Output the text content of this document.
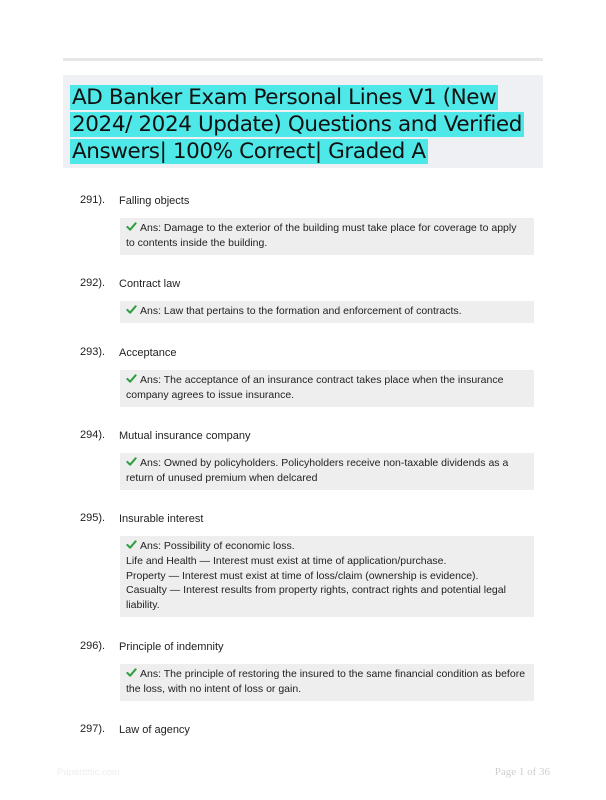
AD Banker Exam Personal Lines V1 (New 2024/ 2024 Update) Questions and Verified Answers| 100% Correct| Graded A
291). Falling objects
Ans: Damage to the exterior of the building must take place for coverage to apply
to contents inside the building.
292). Contract law
Ans: Law that pertains to the formation and enforcement of contracts.
293). Acceptance
Ans: The acceptance of an insurance contract takes place when the insurance
company agrees to issue insurance.
294). Mutual insurance company
Ans: Owned by policyholders. Policyholders receive non-taxable dividends as a
return of unused premium when delcared
295). Insurable interest
Ans: Possibility of economic loss.
Life and Health — Interest must exist at time of application/purchase.
Property — Interest must exist at time of loss/claim (ownership is evidence).
Casualty — Interest results from property rights, contract rights and potential legal
liability.
296). Principle of indemnity
Ans: The principle of restoring the insured to the same financial condition as before
the loss, with no intent of loss or gain.
297). Law of agency
Papertttlic.com	Page 1 of 36
